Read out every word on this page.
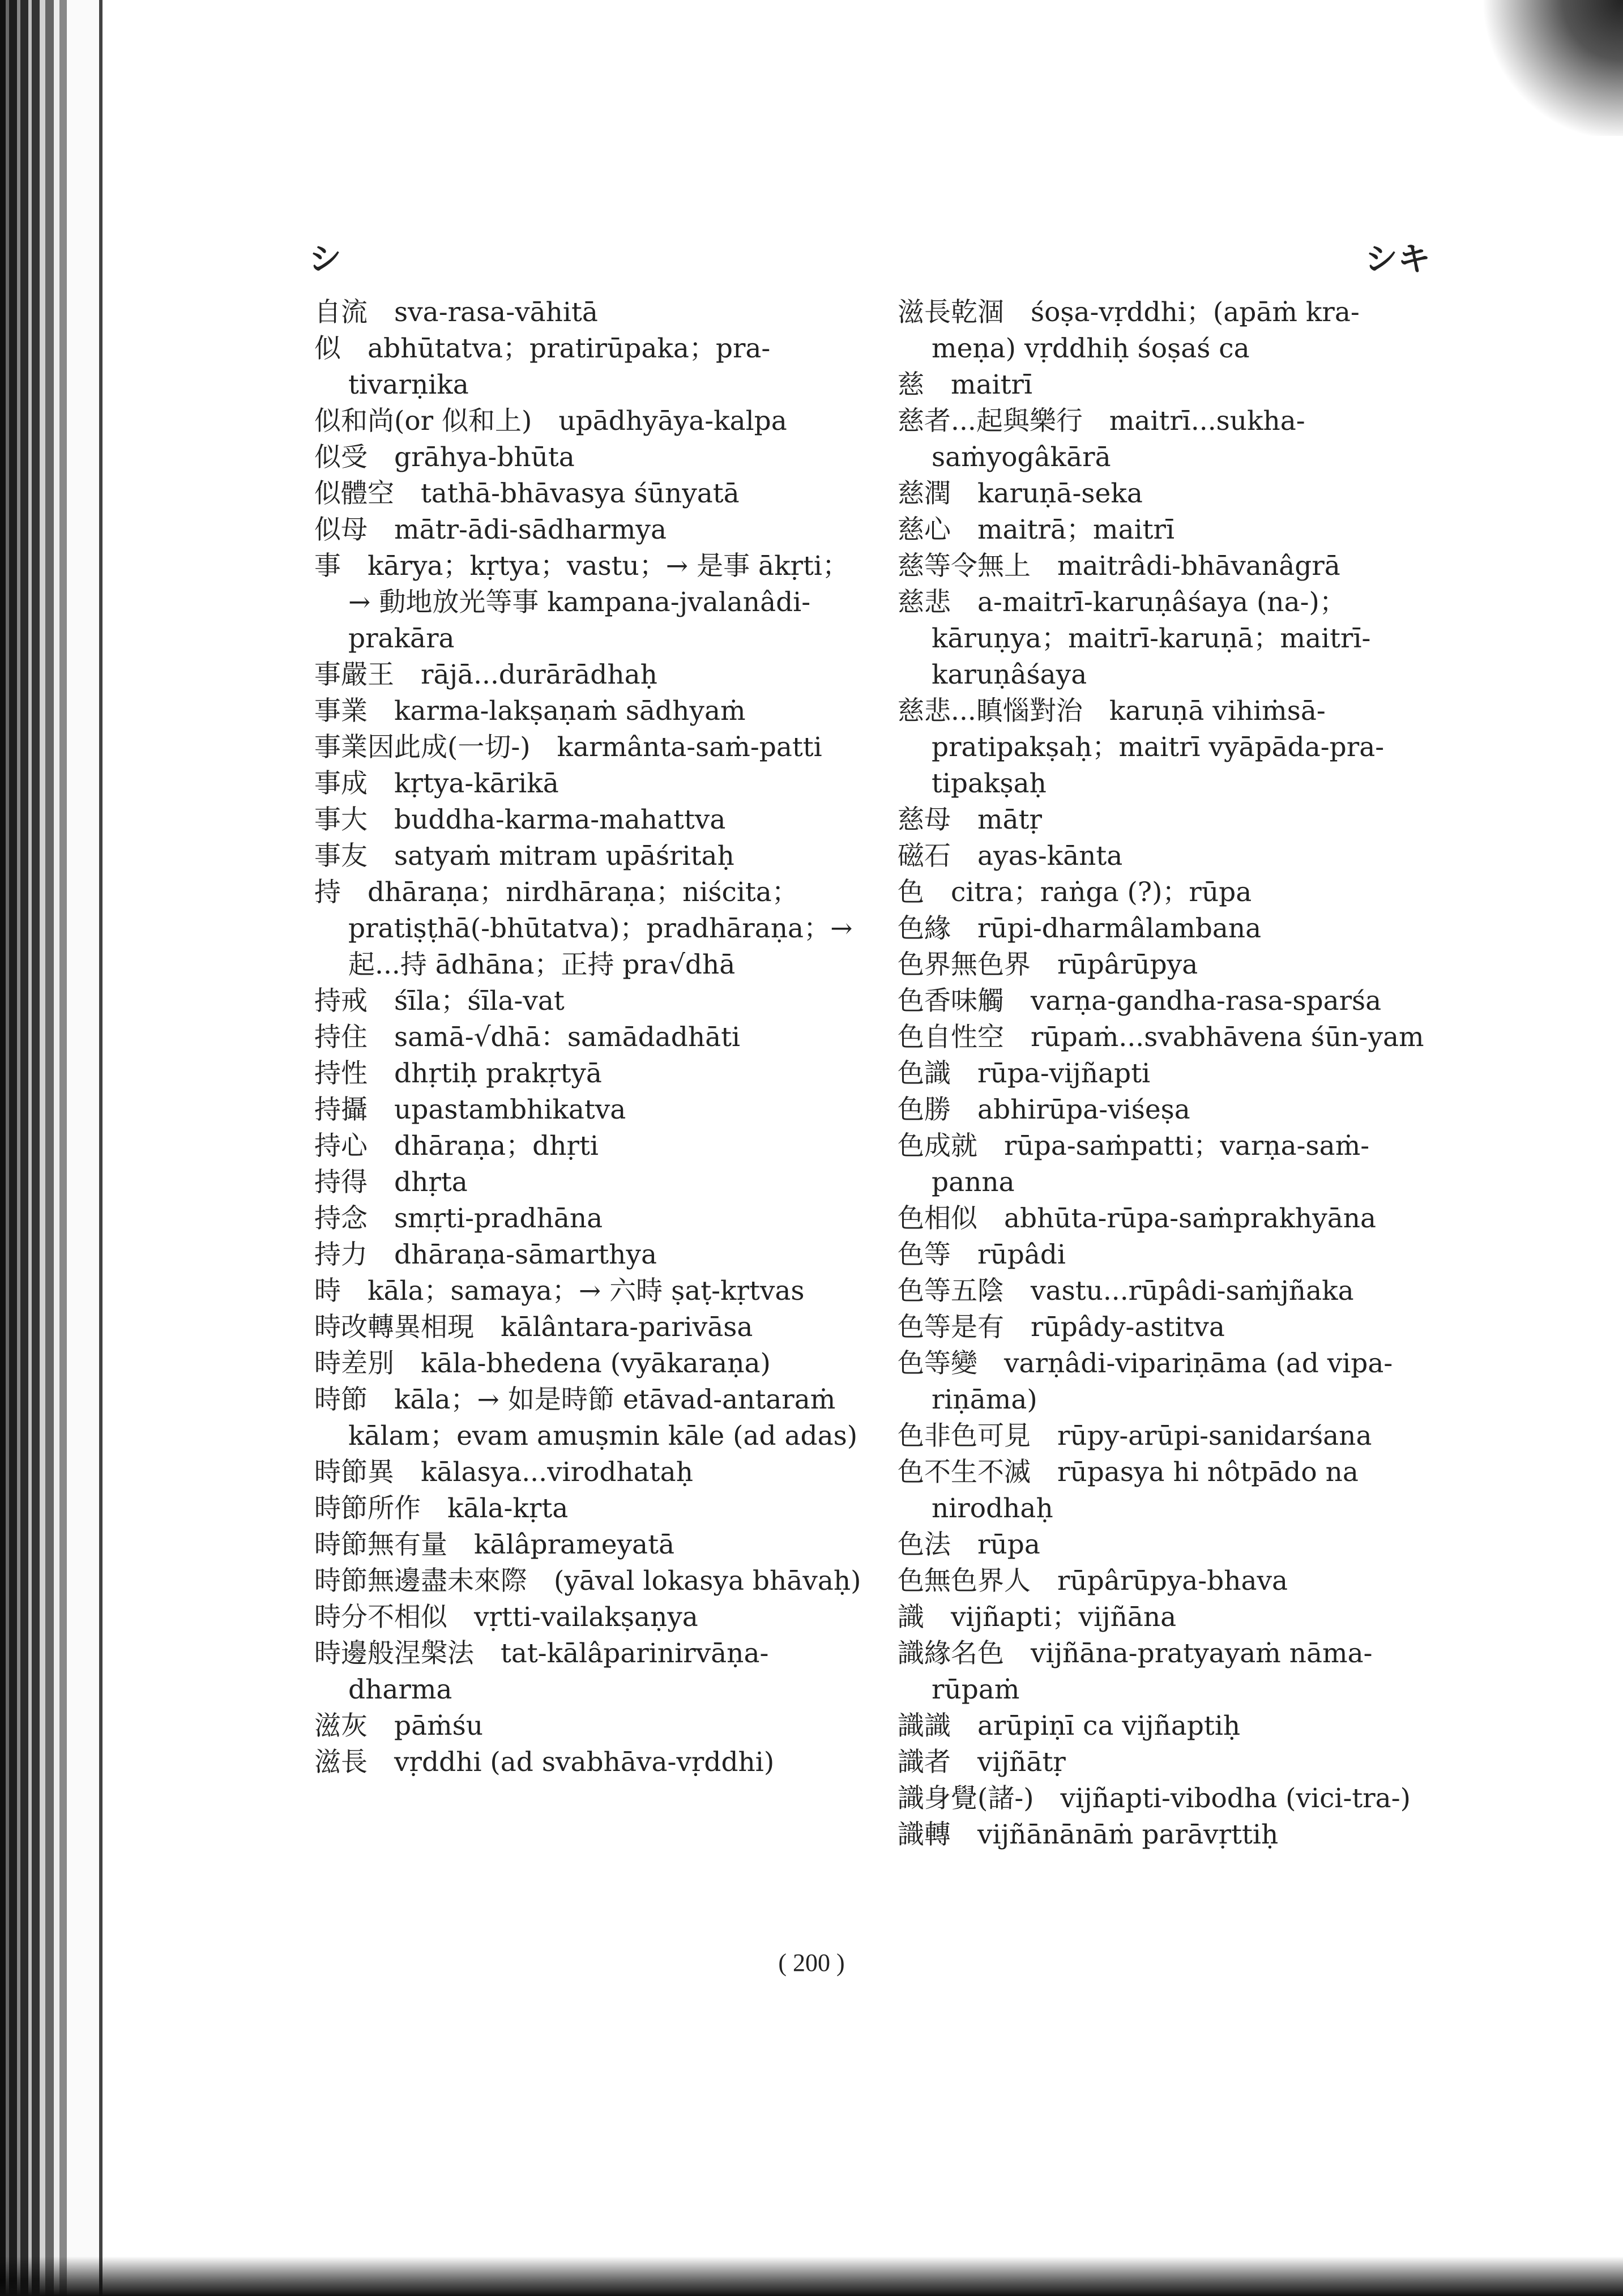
シ	シキ

自流　sva-rasa-vāhitā

似　abhūtatva；pratirūpaka；pra-tivarṇika

似和尚(or 似和上)　upādhyāya-kalpa

似受　grāhya-bhūta

似體空　tathā-bhāvasya śūnyatā

似母　mātr-ādi-sādharmya

事　kārya；kṛtya；vastu；→ 是事 ākṛti；→ 動地放光等事 kampana-jvalanâdi-prakāra

事嚴王　rājā...durārādhaḥ

事業　karma-lakṣaṇaṁ sādhyaṁ

事業因此成(一切-)　karmânta-saṁ-patti

事成　kṛtya-kārikā

事大　buddha-karma-mahattva

事友　satyaṁ mitram upāśritaḥ

持　dhāraṇa；nirdhāraṇa；niścita；pratiṣṭhā(-bhūtatva)；pradhāraṇa；→ 起...持 ādhāna；正持 pra√dhā

持戒　śīla；śīla-vat

持住　samā-√dhā：samādadhāti

持性　dhṛtiḥ prakṛtyā

持攝　upastambhikatva

持心　dhāraṇa；dhṛti

持得　dhṛta

持念　smṛti-pradhāna

持力　dhāraṇa-sāmarthya

時　kāla；samaya；→ 六時 ṣaṭ-kṛtvas

時改轉異相現　kālântara-parivāsa

時差別　kāla-bhedena (vyākaraṇa)

時節　kāla；→ 如是時節 etāvad-antaraṁ kālam；evam amuṣmin kāle (ad adas)

時節異　kālasya...virodhataḥ

時節所作　kāla-kṛta

時節無有量　kālâprameyatā

時節無邊盡未來際　(yāval lokasya bhāvaḥ)

時分不相似　vṛtti-vailakṣaṇya

時邊般涅槃法　tat-kālâparinirvāṇa-dharma

滋灰　pāṁśu

滋長　vṛddhi (ad svabhāva-vṛddhi)

滋長乾涸　śoṣa-vṛddhi；(apāṁ kra-meṇa) vṛddhiḥ śoṣaś ca

慈　maitrī

慈者...起與樂行　maitrī...sukha-saṁyogâkārā

慈潤　karuṇā-seka

慈心　maitrā；maitrī

慈等令無上　maitrâdi-bhāvanâgrā

慈悲　a-maitrī-karuṇâśaya (na-)；kāruṇya；maitrī-karuṇā；maitrī-karuṇâśaya

慈悲...瞋惱對治　karuṇā vihiṁsā-pratipakṣaḥ；maitrī vyāpāda-pra-tipakṣaḥ

慈母　mātṛ

磁石　ayas-kānta

色　citra；raṅga (?)；rūpa

色緣　rūpi-dharmâlambana

色界無色界　rūpârūpya

色香味觸　varṇa-gandha-rasa-sparśa

色自性空　rūpaṁ...svabhāvena śūn-yam

色識　rūpa-vijñapti

色勝　abhirūpa-viśeṣa

色成就　rūpa-saṁpatti；varṇa-saṁ-panna

色相似　abhūta-rūpa-saṁprakhyāna

色等　rūpâdi

色等五陰　vastu...rūpâdi-saṁjñaka

色等是有　rūpâdy-astitva

色等變　varṇâdi-vipariṇāma (ad vipa-riṇāma)

色非色可見　rūpy-arūpi-sanidarśana

色不生不滅　rūpasya hi nôtpādo na nirodhaḥ

色法　rūpa

色無色界人　rūpârūpya-bhava

識　vijñapti；vijñāna

識緣名色　vijñāna-pratyayaṁ nāma-rūpaṁ

識識　arūpiṇī ca vijñaptiḥ

識者　vijñātṛ

識身覺(諸-)　vijñapti-vibodha (vici-tra-)

識轉　vijñānānāṁ parāvṛttiḥ

( 200 )
